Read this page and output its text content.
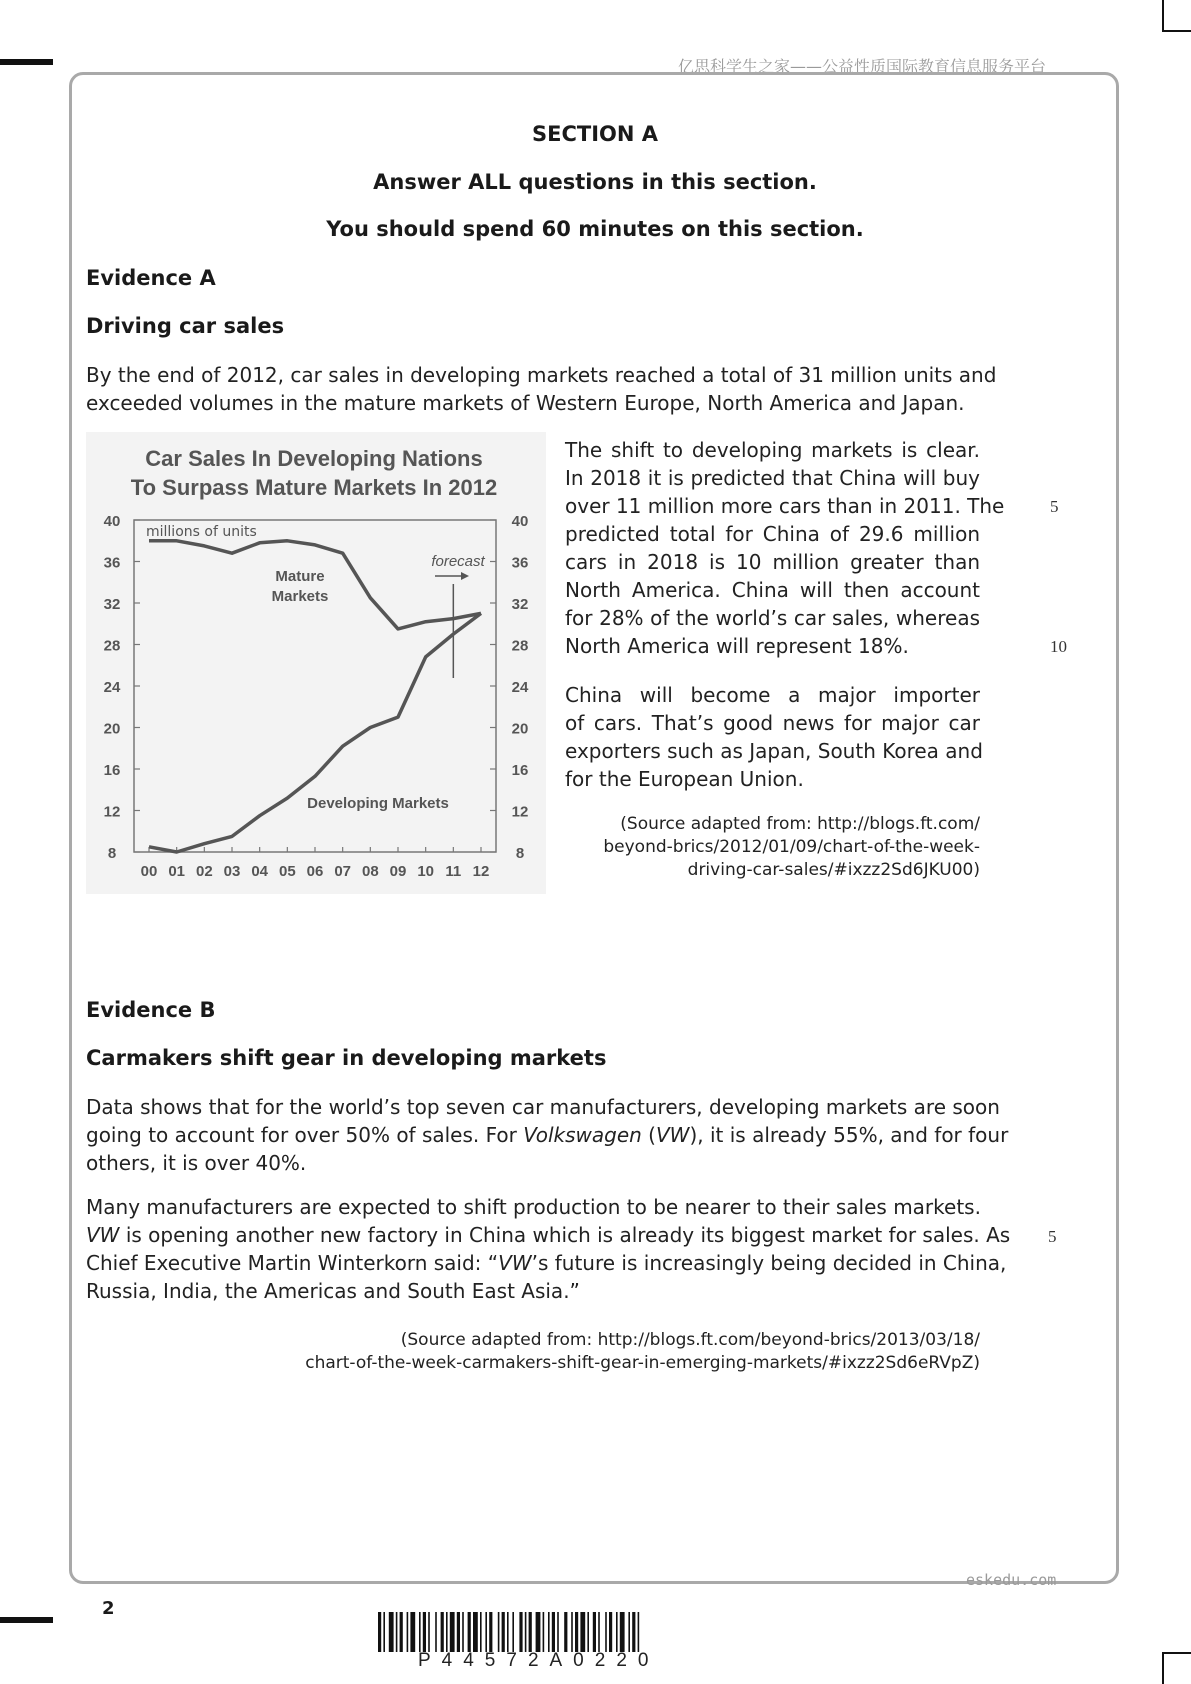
亿思科学生之家——公益性质国际教育信息服务平台
SECTION A
Answer ALL questions in this section.
You should spend 60 minutes on this section.
Evidence A
Driving car sales
By the end of 2012, car sales in developing markets reached a total of 31 million units and
exceeded volumes in the mature markets of Western Europe, North America and Japan.
Car Sales In Developing Nations
To Surpass Mature Markets In 2012
millions of units
8	8
12	12
16	16
20	20
24	24
28	28
32	32
36	36
40	40
00 01 02 03 04 05 06 07 08 09 10 11 12
Mature
Markets
Developing Markets
forecast
The shift to developing markets is clear.
In 2018 it is predicted that China will buy
over 11 million more cars than in 2011. The
predicted total for China of 29.6 million
cars in 2018 is 10 million greater than
North America. China will then account
for 28% of the world’s car sales, whereas
North America will represent 18%.
5
10
China will become a major importer
of cars. That’s good news for major car
exporters such as Japan, South Korea and
for the European Union.
(Source adapted from: http://blogs.ft.com/
beyond-brics/2012/01/09/chart-of-the-week-
driving-car-sales/#ixzz2Sd6JKU00)
Evidence B
Carmakers shift gear in developing markets
Data shows that for the world’s top seven car manufacturers, developing markets are soon
going to account for over 50% of sales. For Volkswagen (VW), it is already 55%, and for four
others, it is over 40%.
Many manufacturers are expected to shift production to be nearer to their sales markets.
VW is opening another new factory in China which is already its biggest market for sales. As
Chief Executive Martin Winterkorn said: “VW’s future is increasingly being decided in China,
Russia, India, the Americas and South East Asia.”
5
(Source adapted from: http://blogs.ft.com/beyond-brics/2013/03/18/
chart-of-the-week-carmakers-shift-gear-in-emerging-markets/#ixzz2Sd6eRVpZ)
eskedu.com
2
P44572A0220
